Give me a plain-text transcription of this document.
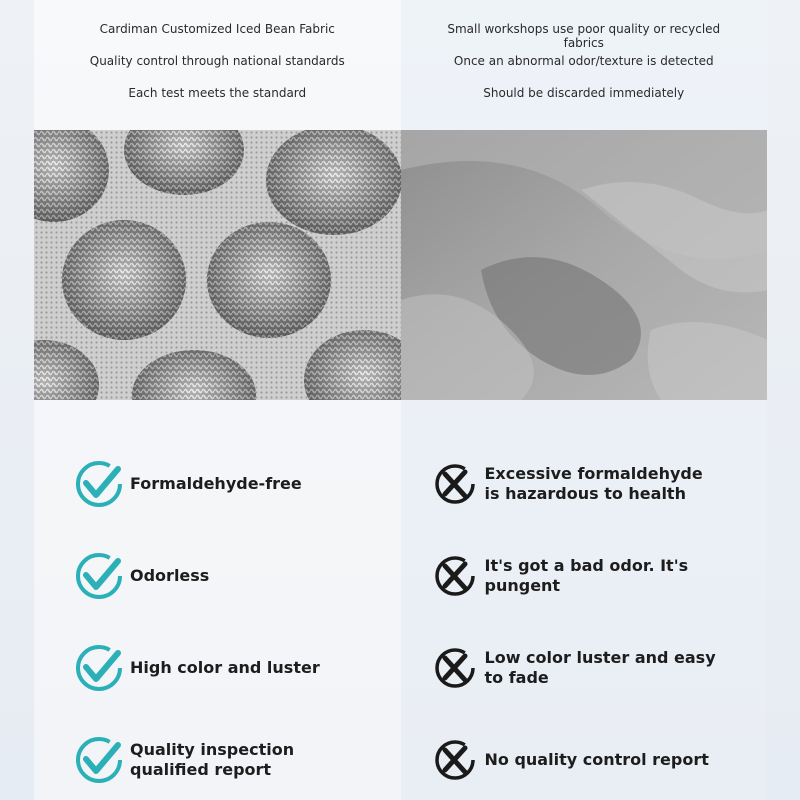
Cardiman Customized Iced Bean Fabric

Quality control through national standards

Each test meets the standard

Formaldehyde-free
Odorless
High color and luster
Quality inspection qualified report

Small workshops use poor quality or recycled fabrics

Once an abnormal odor/texture is detected

Should be discarded immediately

Excessive formaldehyde is hazardous to health
It's got a bad odor. It's pungent
Low color luster and easy to fade
No quality control report
